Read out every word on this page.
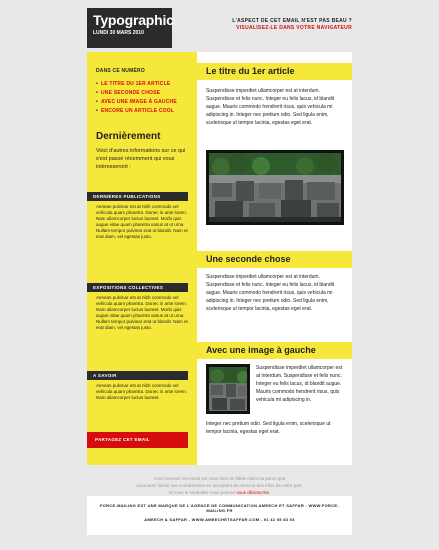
Typographic
LUNDI 30 MARS 2010
L'ASPECT DE CET EMAIL N'EST PAS BEAU ?
VISUALISEZ-LE DANS VOTRE NAVIGATEUR
DANS CE NUMÉRO
• LE TITRE DU 1ER ARTICLE
• UNE SECONDE CHOSE
• AVEC UNE IMAGE À GAUCHE
• ENCORE UN ARTICLE COOL
Dernièrement
Voici d'autres informations sur ce qui s'est passé récemment qui vous intéresseront :
DERNIÈRES PUBLICATIONS
Aenean pulvinar est at nibh commodo vel vehicula quam pharetra. Donec in ante lorem. Nam ullamcorper luctus laoreet. Morbi quis augue vitae quam pharetra varius at ut urna. Nullam tempor pulvinar erat ut blandit. Nam et erat diam, vel egestas justo.
EXPOSITIONS COLLECTIVES
Aenean pulvinar est at nibh commodo vel vehicula quam pharetra. Donec in ante lorem. Nam ullamcorper luctus laoreet. Morbi quis augue vitae quam pharetra varius at ut urna. Nullam tempor pulvinar erat ut blandit. Nam et erat diam, vel egestas justo.
A SAVOIR
Aenean pulvinar est at nibh commodo vel vehicula quam pharetra. Donec in ante lorem. Nam ullamcorper luctus laoreet.
PARTAGEZ CET EMAIL
Le titre du 1er article
Suspendisse imperdiet ullamcorper est at interdum. Suspendisse et felis nunc. Integer eu felis lacus, id blandit augue. Mauris commodo hendrerit risus, quis vehicula mi adipiscing in. Integer nec pretium odio. Sed ligula enim, scelerisque ut tempor lacinia, egestas eget erat.
Une seconde chose
Suspendisse imperdiet ullamcorper est at interdum. Suspendisse et felis nunc. Integer eu felis lacus, id blandit augue. Mauris commodo hendrerit risus, quis vehicula mi adipiscing in. Integer nec pretium odio. Sed ligula enim, scelerisque ut tempor lacinia, egestas eget erat.
Avec une image à gauche
Suspendisse imperdiet ullamcorper est at interdum. Suspendisse et felis nunc. Integer eu felis lacus, id blandit augue. Mauris commodo hendrerit risus, quis vehicula mi adipiscing in.
Integer nec pretium odio. Sed ligula enim, scelerisque ut tempor lacinia, egestas eget erat.
Vous recevez cet email car vous êtes un fidèle client ou parce que
vous avez laissé vos coordonnées en acceptant de recevoir des infos de notre part.
Si vous le souhaitez vous pouvez vous désinscrire.
FORCE-MAILING EST UNE MARQUE DE L'AGENCE DE COMMUNICATION AMEECH ET SAFFAR - WWW.FORCE-MAILING.FR
AMEECH & SAFFAR - WWW.AMEECHETSAFFAR.COM - 01 42 05 83 93
